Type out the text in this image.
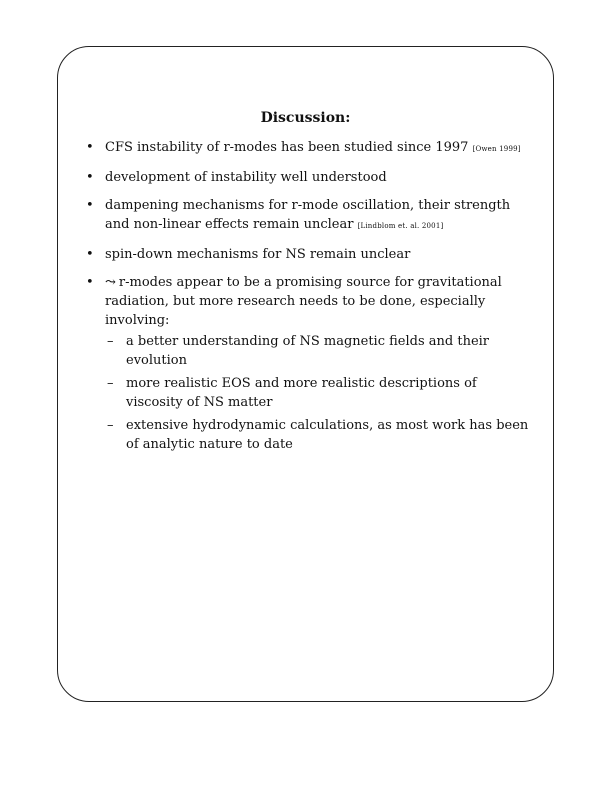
Discussion:
• CFS instability of r-modes has been studied since 1997 [Owen 1999]
• development of instability well understood
• dampening mechanisms for r-mode oscillation, their strength and non-linear effects remain unclear [Lindblom et. al. 2001]
• spin-down mechanisms for NS remain unclear
• ⤳ r-modes appear to be a promising source for gravitational radiation, but more research needs to be done, especially involving:
– a better understanding of NS magnetic fields and their evolution
– more realistic EOS and more realistic descriptions of viscosity of NS matter
– extensive hydrodynamic calculations, as most work has been of analytic nature to date
